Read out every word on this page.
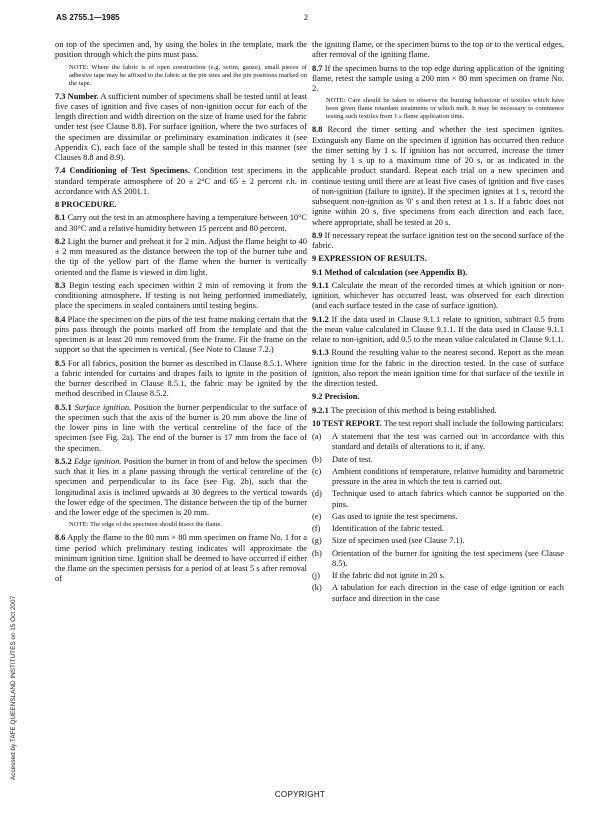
AS 2755.1—1985	2

on top of the specimen and, by using the holes in the template, mark the position through which the pins must pass.

NOTE: Where the fabric is of open construction (e.g. scrim, gauze), small pieces of adhesive tape may be affixed to the fabric at the pin sites and the pin positions marked on the tape.

7.3 Number. A sufficient number of specimens shall be tested until at least five cases of ignition and five cases of non-ignition occur for each of the length direction and width direction on the size of frame used for the fabric under test (see Clause 8.8). For surface ignition, where the two surfaces of the specimen are dissimilar or preliminary examination indicates it (see Appendix C), each face of the sample shall be tested in this manner (see Clauses 8.8 and 8.9).

7.4 Conditioning of Test Specimens. Condition test specimens in the standard temperate atmosphere of 20 ± 2°C and 65 ± 2 percent r.h. in accordance with AS 2001.1.

8 PROCEDURE.

8.1 Carry out the test in an atmosphere having a temperature between 10°C and 30°C and a relative humidity between 15 percent and 80 percent.

8.2 Light the burner and preheat it for 2 min. Adjust the flame height to 40 ± 2 mm measured as the distance between the top of the burner tube and the tip of the yellow part of the flame when the burner is vertically oriented and the flame is viewed in dim light.

8.3 Begin testing each specimen within 2 min of removing it from the conditioning atmosphere. If testing is not being performed immediately, place the specimens in sealed containers until testing begins.

8.4 Place the specimen on the pins of the test frame making certain that the pins pass through the points marked off from the template and that the specimen is at least 20 mm removed from the frame. Fit the frame on the support so that the specimen is vertical. (See Note to Clause 7.2.)

8.5 For all fabrics, position the burner as described in Clause 8.5.1. Where a fabric intended for curtains and drapes fails to ignite in the position of the burner described in Clause 8.5.1, the fabric may be ignited by the method described in Clause 8.5.2.

8.5.1 Surface ignition. Position the burner perpendicular to the surface of the specimen such that the axis of the burner is 20 mm above the line of the lower pins in line with the vertical centreline of the face of the specimen (see Fig. 2a). The end of the burner is 17 mm from the face of the specimen.

8.5.2 Edge ignition. Position the burner in front of and below the specimen such that it lies in a plane passing through the vertical centreline of the specimen and perpendicular to its face (see Fig. 2b), such that the longitudinal axis is inclined upwards at 30 degrees to the vertical towards the lower edge of the specimen. The distance between the tip of the burner and the lower edge of the specimen is 20 mm.

NOTE: The edge of the specimen should bisect the flame.

8.6 Apply the flame to the 80 mm × 80 mm specimen on frame No. 1 for a time period which preliminary testing indicates will approximate the minimum ignition time. Ignition shall be deemed to have occurred if either the flame on the specimen persists for a period of at least 5 s after removal of

the igniting flame, or the specimen burns to the top or to the vertical edges, after removal of the igniting flame.

8.7 If the specimen burns to the top edge during application of the igniting flame, retest the sample using a 200 mm × 80 mm specimen on frame No. 2.

NOTE: Care should be taken to observe the burning behaviour of textiles which have been given flame retardant treatments or which melt. It may be necessary to commence testing such textiles from 1 s flame application time.

8.8 Record the timer setting and whether the test specimen ignites. Extinguish any flame on the specimen if ignition has occurred then reduce the timer setting by 1 s. If ignition has not occurred, increase the timer setting by 1 s up to a maximum time of 20 s, or as indicated in the applicable product standard. Repeat each trial on a new specimen and continue testing until there are at least five cases of ignition and five cases of non-ignition (failure to ignite). If the specimen ignites at 1 s, record the subsequent non-ignition as '0' s and then retest at 1 s. If a fabric does not ignite within 20 s, five specimens from each direction and each face, where appropriate, shall be tested at 20 s.

8.9 If necessary repeat the surface ignition test on the second surface of the fabric.

9 EXPRESSION OF RESULTS.

9.1 Method of calculation (see Appendix B).

9.1.1 Calculate the mean of the recorded times at which ignition or non-ignition, whichever has occurred least, was observed for each direction (and each surface tested in the case of surface ignition).

9.1.2 If the data used in Clause 9.1.1 relate to ignition, subtract 0.5 from the mean value calculated in Clause 9.1.1. If the data used in Clause 9.1.1 relate to non-ignition, add 0.5 to the mean value calculated in Clause 9.1.1.

9.1.3 Round the resulting value to the nearest second. Report as the mean ignition time for the fabric in the direction tested. In the case of surface ignition, also report the mean ignition time for that surface of the textile in the direction tested.

9.2 Precision.

9.2.1 The precision of this method is being established.

10 TEST REPORT. The test report shall include the following particulars:

(a)	A statement that the test was carried out in accordance with this standard and details of alterations to it, if any.
(b)	Date of test.
(c)	Ambient conditions of temperature, relative humidity and barometric pressure in the area in which the test is carried out.
(d)	Technique used to attach fabrics which cannot be supported on the pins.
(e)	Gas used to ignite the test specimens.
(f)	Identification of the fabric tested.
(g)	Size of specimen used (see Clause 7.1).
(h)	Orientation of the burner for igniting the test specimens (see Clause 8.5).
(j)	If the fabric did not ignite in 20 s.
(k)	A tabulation for each direction in the case of edge ignition or each surface and direction in the case
COPYRIGHT
Accessed by TAFE QUEENSLAND INSTITUTES on 15 Oct 2007
